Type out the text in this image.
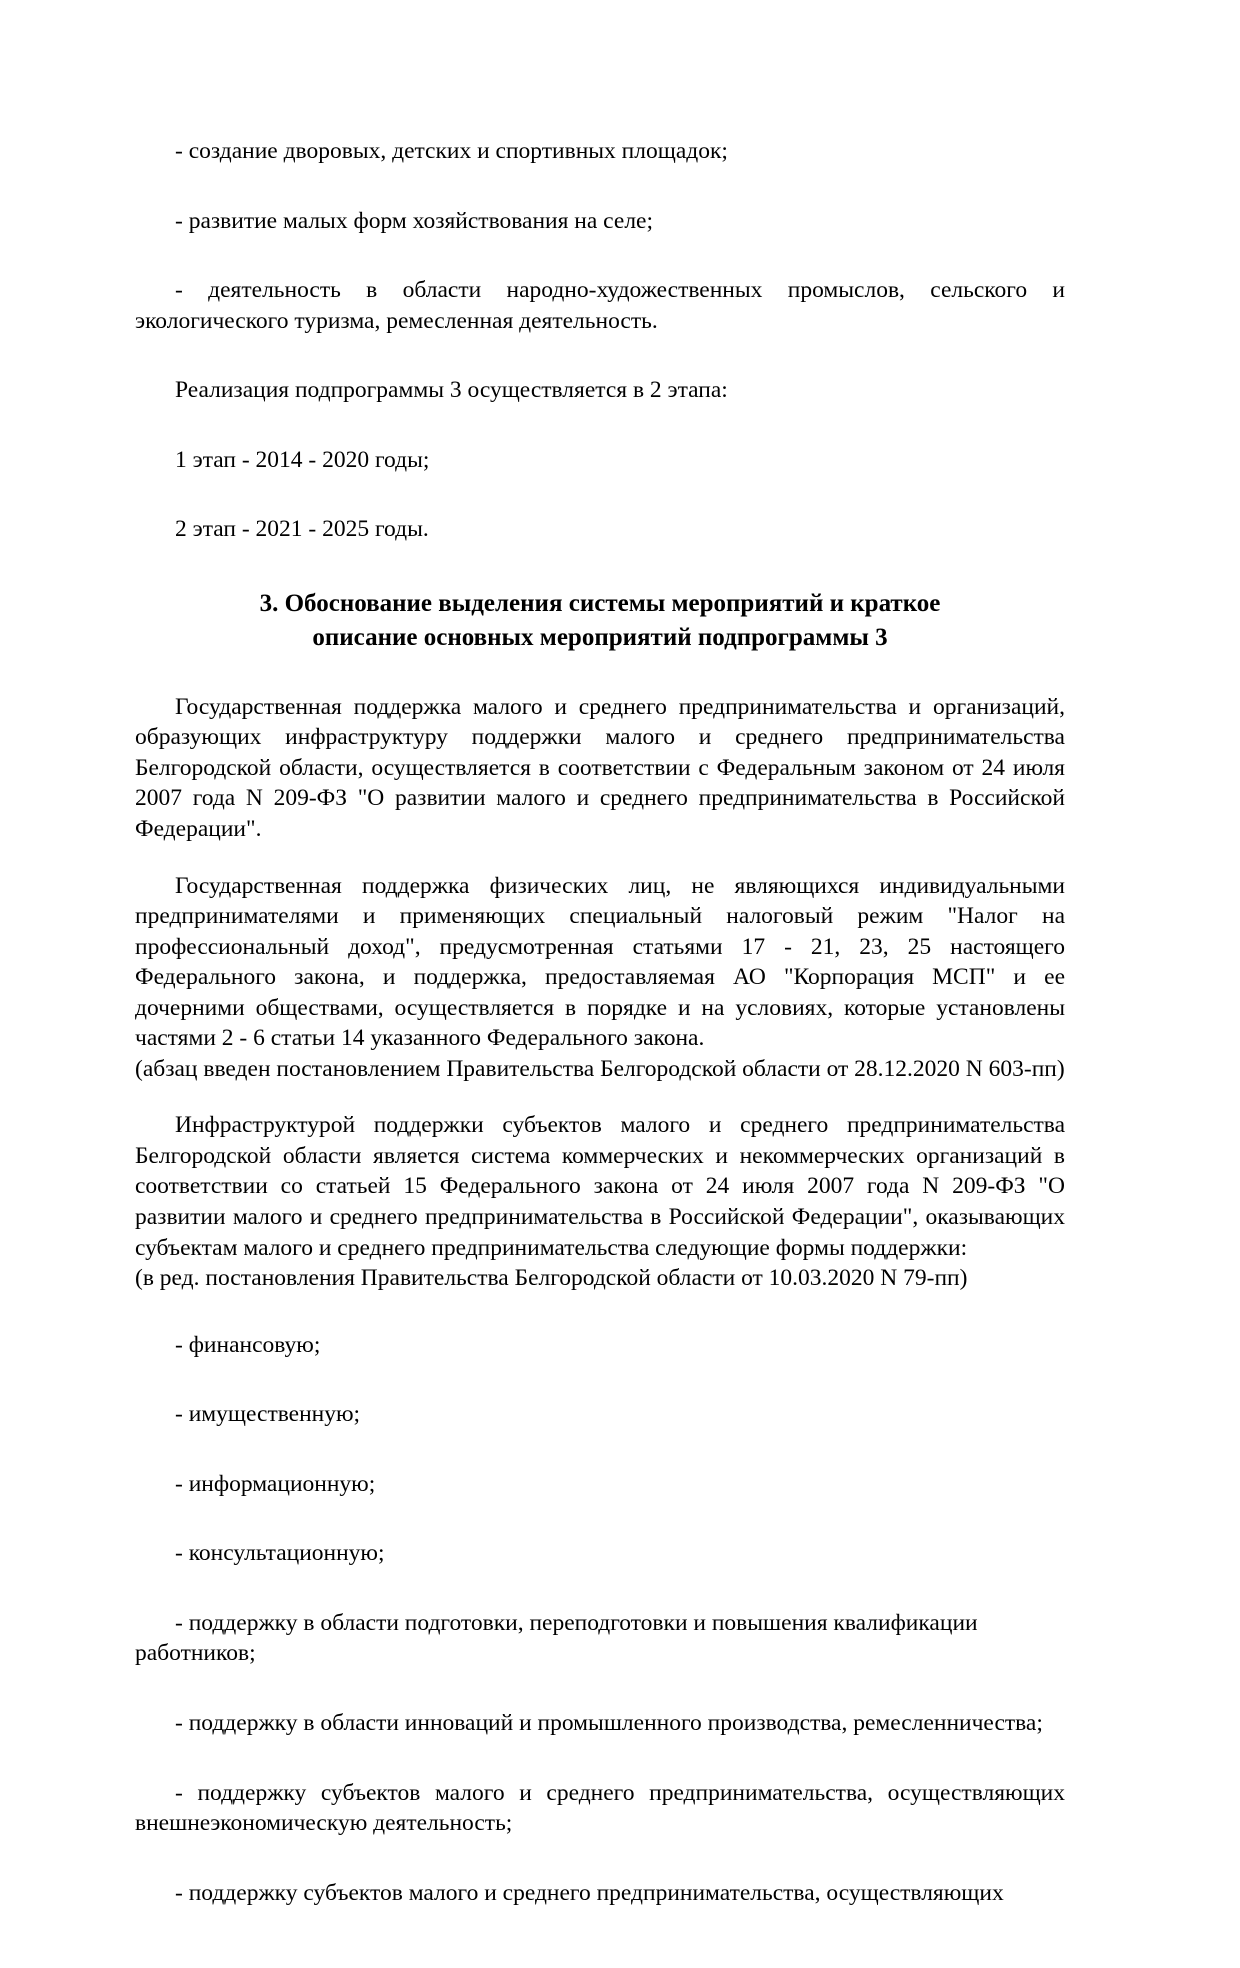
- создание дворовых, детских и спортивных площадок;

- развитие малых форм хозяйствования на селе;

- деятельность в области народно-художественных промыслов, сельского и экологического туризма, ремесленная деятельность.

Реализация подпрограммы 3 осуществляется в 2 этапа:

1 этап - 2014 - 2020 годы;

2 этап - 2021 - 2025 годы.

3. Обоснование выделения системы мероприятий и краткое
описание основных мероприятий подпрограммы 3

Государственная поддержка малого и среднего предпринимательства и организаций, образующих инфраструктуру поддержки малого и среднего предпринимательства Белгородской области, осуществляется в соответствии с Федеральным законом от 24 июля 2007 года N 209-ФЗ "О развитии малого и среднего предпринимательства в Российской Федерации".

Государственная поддержка физических лиц, не являющихся индивидуальными предпринимателями и применяющих специальный налоговый режим "Налог на профессиональный доход", предусмотренная статьями 17 - 21, 23, 25 настоящего Федерального закона, и поддержка, предоставляемая АО "Корпорация МСП" и ее дочерними обществами, осуществляется в порядке и на условиях, которые установлены частями 2 - 6 статьи 14 указанного Федерального закона.

(абзац введен постановлением Правительства Белгородской области от 28.12.2020 N 603-пп)

Инфраструктурой поддержки субъектов малого и среднего предпринимательства Белгородской области является система коммерческих и некоммерческих организаций в соответствии со статьей 15 Федерального закона от 24 июля 2007 года N 209-ФЗ "О развитии малого и среднего предпринимательства в Российской Федерации", оказывающих субъектам малого и среднего предпринимательства следующие формы поддержки:

(в ред. постановления Правительства Белгородской области от 10.03.2020 N 79-пп)

- финансовую;

- имущественную;

- информационную;

- консультационную;

- поддержку в области подготовки, переподготовки и повышения квалификации работников;

- поддержку в области инноваций и промышленного производства, ремесленничества;

- поддержку субъектов малого и среднего предпринимательства, осуществляющих внешнеэкономическую деятельность;

- поддержку субъектов малого и среднего предпринимательства, осуществляющих
